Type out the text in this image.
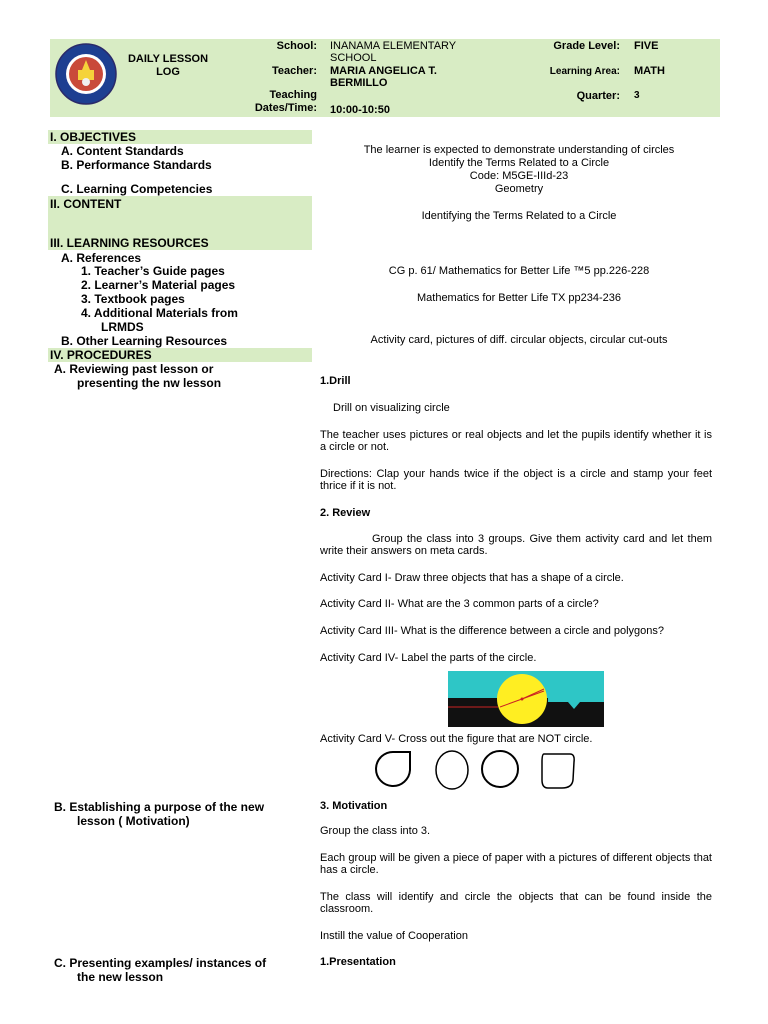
DAILY LESSON
LOG
School: INANAMA ELEMENTARY SCHOOL
Grade Level: FIVE
Teacher: MARIA ANGELICA T. BERMILLO
Learning Area: MATH
Teaching
Dates/Time: 10:00-10:50
Quarter: 3
I. OBJECTIVES
A. Content Standards
B. Performance Standards
C. Learning Competencies
II. CONTENT
III. LEARNING RESOURCES
A. References
1. Teacher’s Guide pages
2. Learner’s Material pages
3. Textbook pages
4. Additional Materials from
LRMDS
B. Other Learning Resources
IV. PROCEDURES
A. Reviewing past lesson or
presenting the nw lesson
B. Establishing a purpose of the new
lesson ( Motivation)
C. Presenting examples/ instances of
the new lesson
The learner is expected to demonstrate understanding of circles
Identify the Terms Related to a Circle
Code: M5GE-IIId-23
Geometry
Identifying the Terms Related to a Circle
CG p. 61/ Mathematics for Better Life ™5 pp.226-228
Mathematics for Better Life TX pp234-236
Activity card, pictures of diff. circular objects, circular cut-outs
1.Drill
Drill on visualizing circle
The teacher uses pictures or real objects and let the pupils identify whether it is a circle or not.
Directions: Clap your hands twice if the object is a circle and stamp your feet thrice if it is not.
2. Review
Group the class into 3 groups. Give them activity card and let them write their answers on meta cards.
Activity Card I- Draw three objects that has a shape of a circle.
Activity Card II- What are the 3 common parts of a circle?
Activity Card III- What is the difference between a circle and polygons?
Activity Card IV- Label the parts of the circle.
Activity Card V- Cross out the figure that are NOT circle.
3. Motivation
Group the class into 3.
Each group will be given a piece of paper with a pictures of different objects that has a circle.
The class will identify and circle the objects that can be found inside the classroom.
Instill the value of Cooperation
1.Presentation
